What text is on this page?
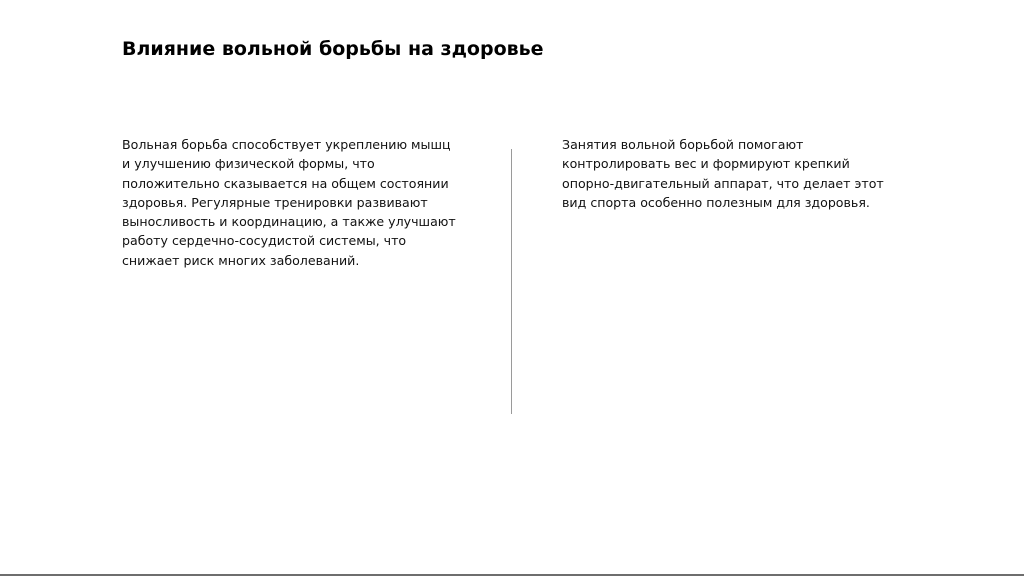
Влияние вольной борьбы на здоровье

Вольная борьба способствует укреплению мышц и улучшению физической формы, что положительно сказывается на общем состоянии здоровья. Регулярные тренировки развивают выносливость и координацию, а также улучшают работу сердечно-сосудистой системы, что снижает риск многих заболеваний.

Занятия вольной борьбой помогают контролировать вес и формируют крепкий опорно-двигательный аппарат, что делает этот вид спорта особенно полезным для здоровья.
